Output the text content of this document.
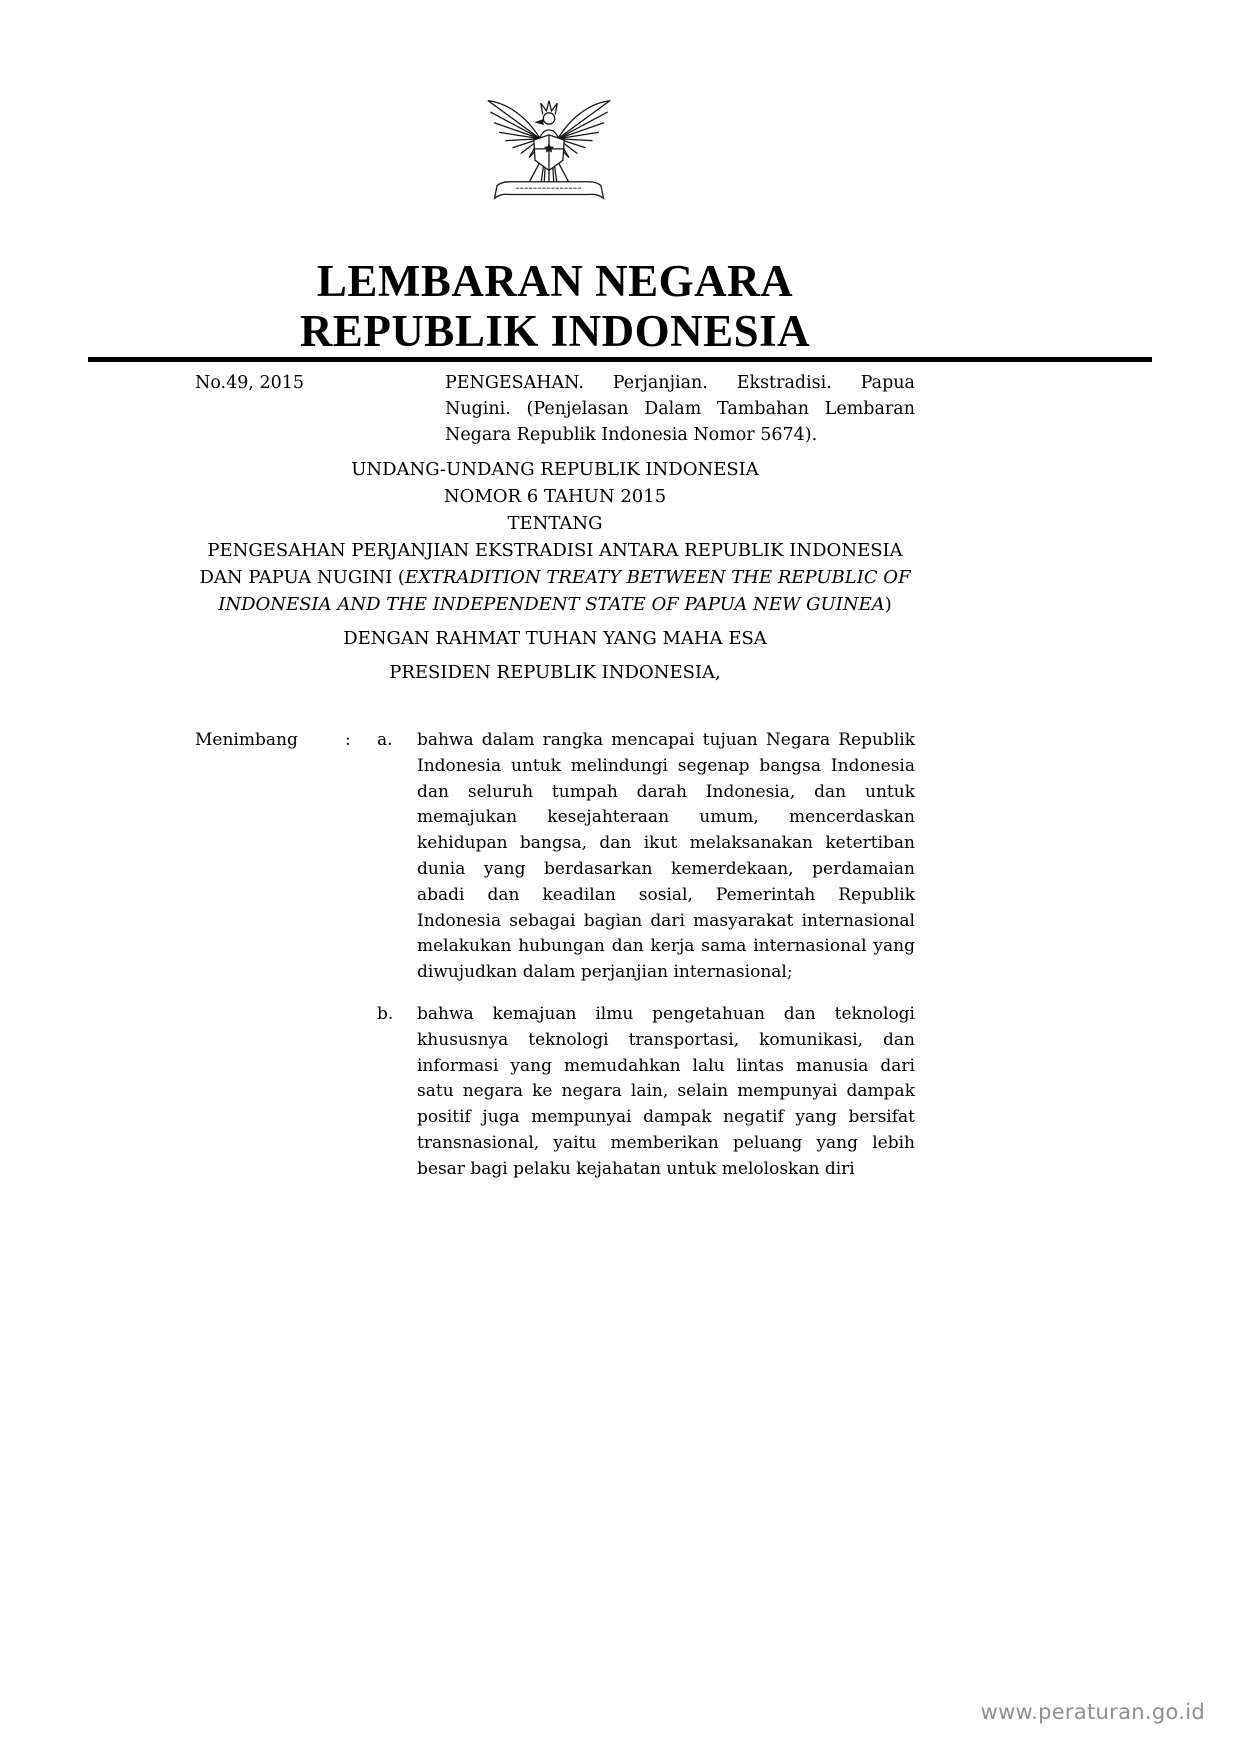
LEMBARAN NEGARA
REPUBLIK INDONESIA
No.49, 2015	PENGESAHAN. Perjanjian. Ekstradisi. Papua Nugini. (Penjelasan Dalam Tambahan Lembaran Negara Republik Indonesia Nomor 5674).
UNDANG-UNDANG REPUBLIK INDONESIA
NOMOR 6 TAHUN 2015
TENTANG
PENGESAHAN PERJANJIAN EKSTRADISI ANTARA REPUBLIK INDONESIA DAN PAPUA NUGINI (EXTRADITION TREATY BETWEEN THE REPUBLIC OF INDONESIA AND THE INDEPENDENT STATE OF PAPUA NEW GUINEA)
DENGAN RAHMAT TUHAN YANG MAHA ESA
PRESIDEN REPUBLIK INDONESIA,
Menimbang	:	a.	bahwa dalam rangka mencapai tujuan Negara Republik Indonesia untuk melindungi segenap bangsa Indonesia dan seluruh tumpah darah Indonesia, dan untuk memajukan kesejahteraan umum, mencerdaskan kehidupan bangsa, dan ikut melaksanakan ketertiban dunia yang berdasarkan kemerdekaan, perdamaian abadi dan keadilan sosial, Pemerintah Republik Indonesia sebagai bagian dari masyarakat internasional melakukan hubungan dan kerja sama internasional yang diwujudkan dalam perjanjian internasional;
b.	bahwa kemajuan ilmu pengetahuan dan teknologi khususnya teknologi transportasi, komunikasi, dan informasi yang memudahkan lalu lintas manusia dari satu negara ke negara lain, selain mempunyai dampak positif juga mempunyai dampak negatif yang bersifat transnasional, yaitu memberikan peluang yang lebih besar bagi pelaku kejahatan untuk meloloskan diri
www.peraturan.go.id
